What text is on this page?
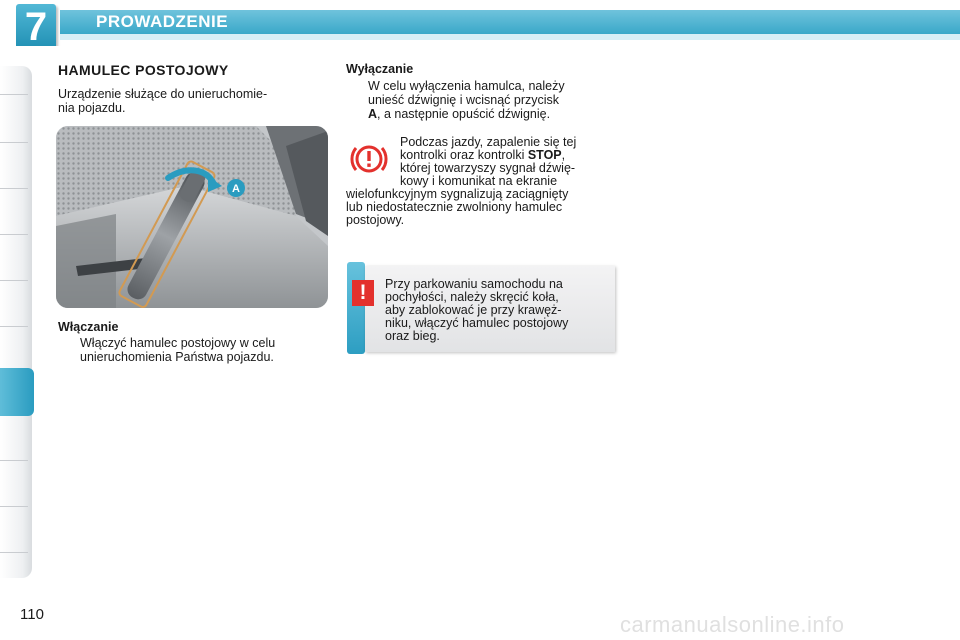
7	PROWADZENIE
HAMULEC POSTOJOWY
Urządzenie służące do unieruchomie-
nia pojazdu.
A
Włączanie
Włączyć hamulec postojowy w celu
unieruchomienia Państwa pojazdu.
Wyłączanie
W celu wyłączenia hamulca, należy
unieść dźwignię i wcisnąć przycisk
A, a następnie opuścić dźwignię.
Podczas jazdy, zapalenie się tej
kontrolki oraz kontrolki STOP,
której towarzyszy sygnał dźwię-
kowy i komunikat na ekranie
wielofunkcyjnym sygnalizują zaciągnięty
lub niedostatecznie zwolniony hamulec
postojowy.
!	Przy parkowaniu samochodu na
pochyłości, należy skręcić koła,
aby zablokować je przy krawęż-
niku, włączyć hamulec postojowy
oraz bieg.
110	carmanualsonline.info
